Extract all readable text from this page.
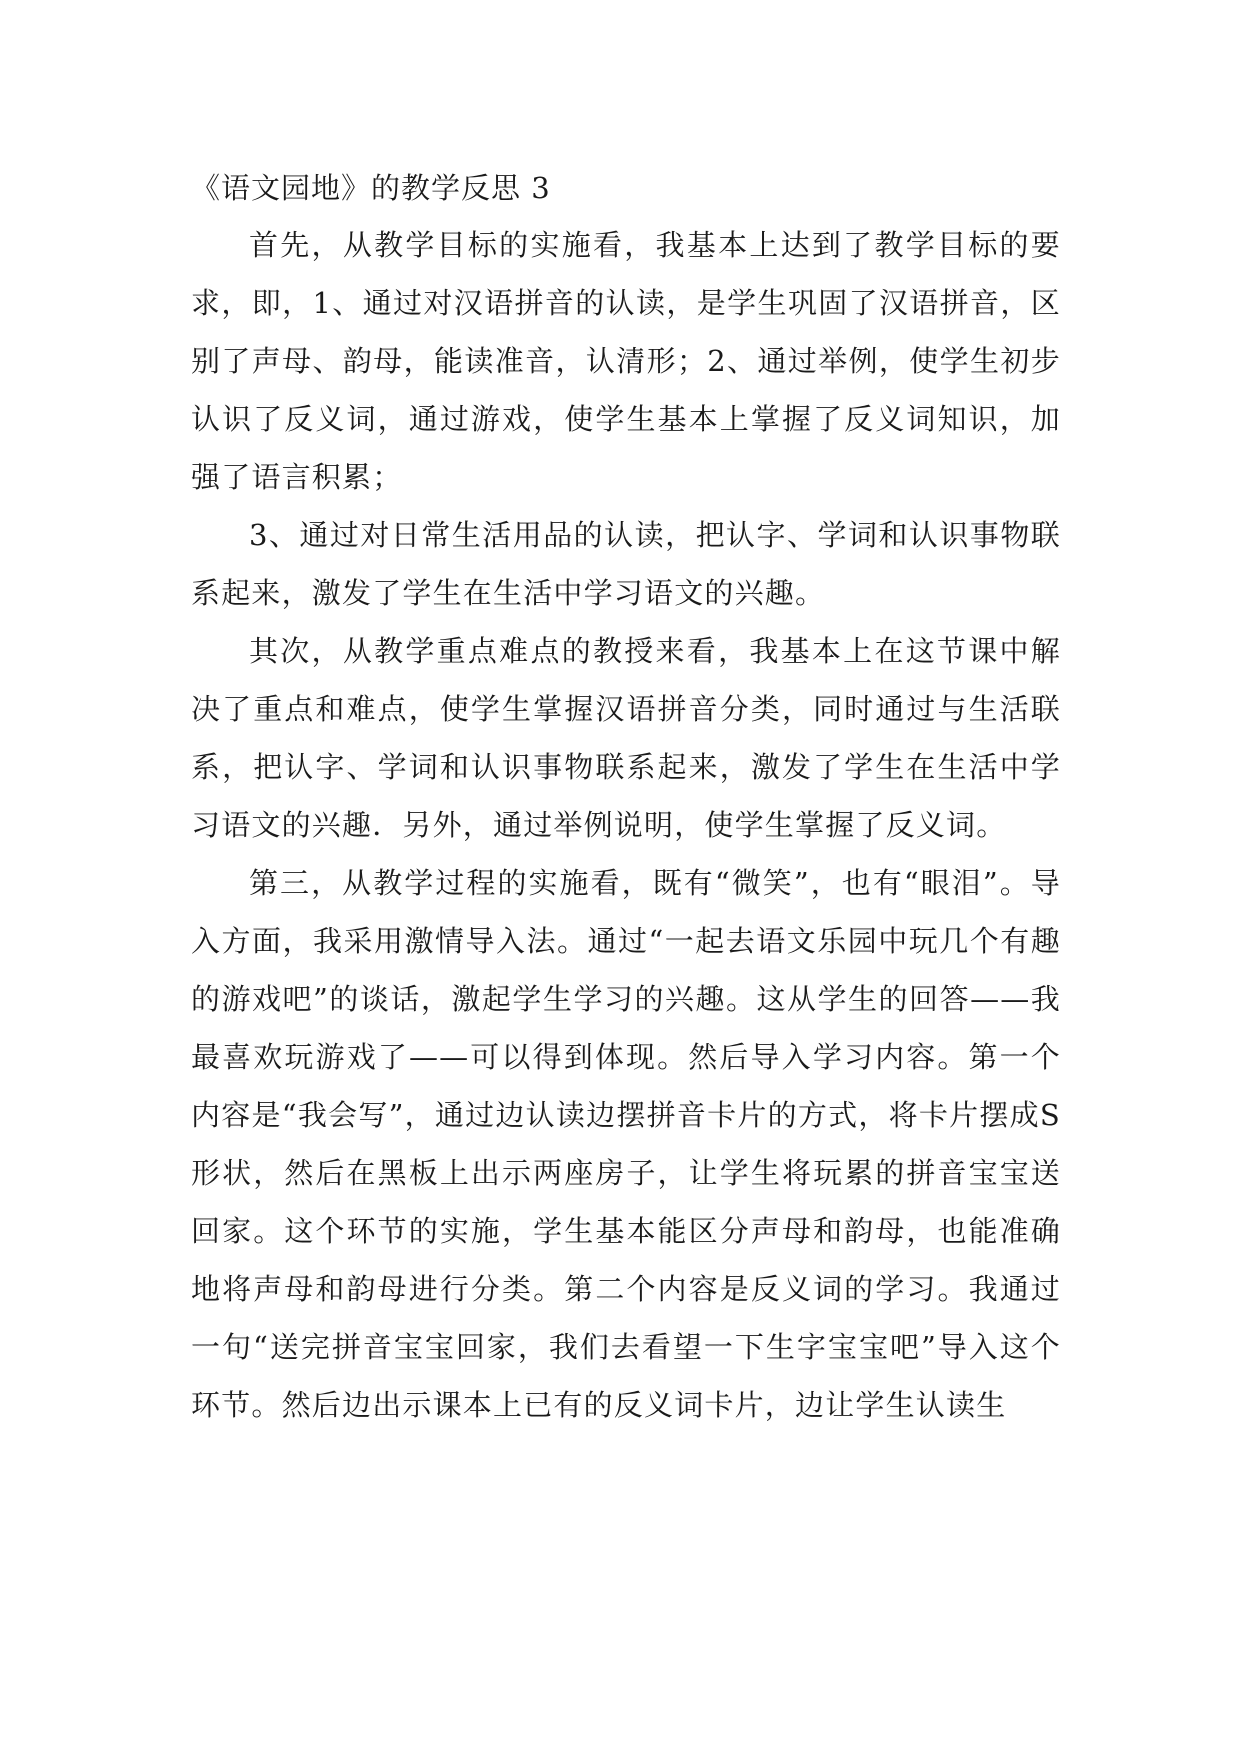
《语文园地》的教学反思 3

首先，从教学目标的实施看，我基本上达到了教学目标的要求，即，1、通过对汉语拼音的认读，是学生巩固了汉语拼音，区别了声母、韵母，能读准音，认清形；2、通过举例，使学生初步认识了反义词，通过游戏，使学生基本上掌握了反义词知识，加强了语言积累；

3、通过对日常生活用品的认读，把认字、学词和认识事物联系起来，激发了学生在生活中学习语文的兴趣。

其次，从教学重点难点的教授来看，我基本上在这节课中解决了重点和难点，使学生掌握汉语拼音分类，同时通过与生活联系，把认字、学词和认识事物联系起来，激发了学生在生活中学习语文的兴趣．另外，通过举例说明，使学生掌握了反义词。

第三，从教学过程的实施看，既有“微笑”，也有“眼泪”。导入方面，我采用激情导入法。通过“一起去语文乐园中玩几个有趣的游戏吧”的谈话，激起学生学习的兴趣。这从学生的回答——我最喜欢玩游戏了——可以得到体现。然后导入学习内容。第一个内容是“我会写”，通过边认读边摆拼音卡片的方式，将卡片摆成S形状，然后在黑板上出示两座房子，让学生将玩累的拼音宝宝送回家。这个环节的实施，学生基本能区分声母和韵母，也能准确地将声母和韵母进行分类。第二个内容是反义词的学习。我通过一句“送完拼音宝宝回家，我们去看望一下生字宝宝吧”导入这个环节。然后边出示课本上已有的反义词卡片，边让学生认读生
